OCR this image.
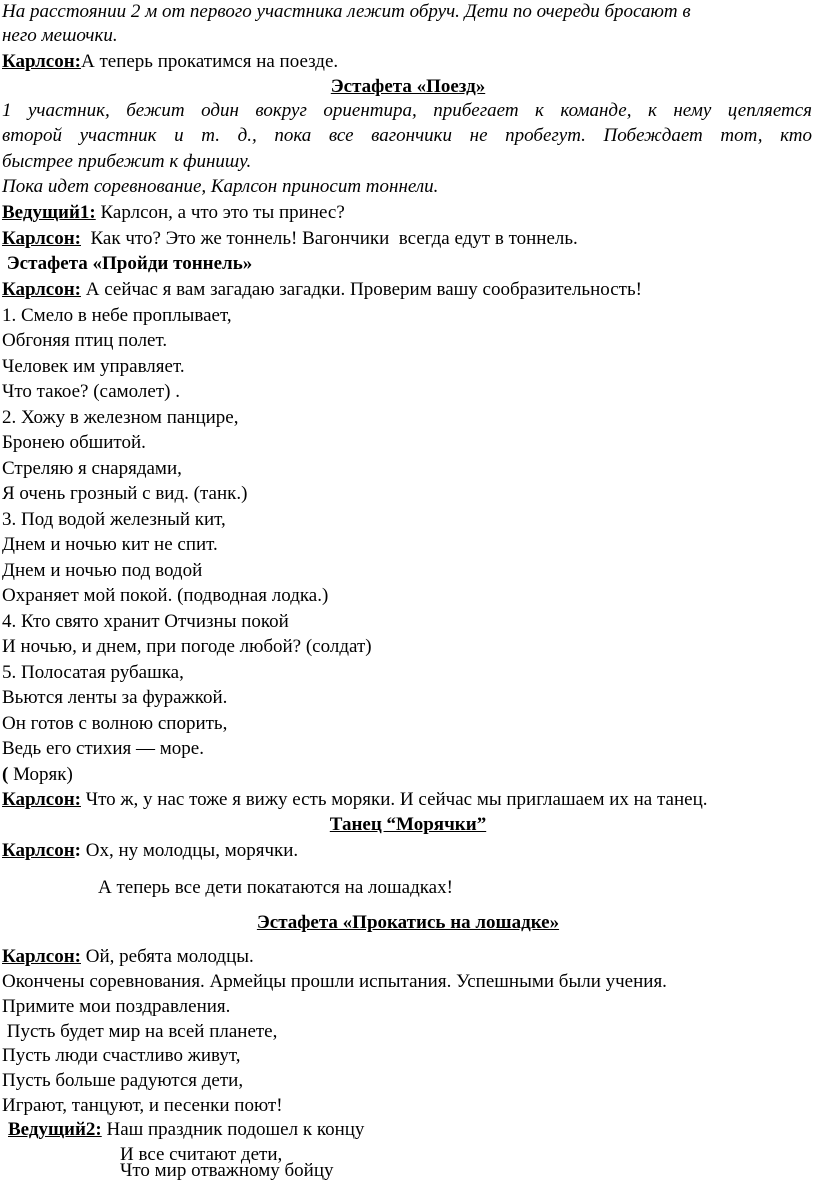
На расстоянии 2 м от первого участника лежит обруч. Дети по очереди бросают в
него мешочки.
Карлсон:А теперь прокатимся на поезде.
Эстафета «Поезд»
1 участник, бежит один вокруг ориентира, прибегает к команде, к нему цепляется
второй участник и т. д., пока все вагончики не пробегут. Побеждает тот, кто
быстрее прибежит к финишу.
Пока идет соревнование, Карлсон приносит тоннели.
Ведущий1: Карлсон, а что это ты принес?
Карлсон:  Как что? Это же тоннель! Вагончики  всегда едут в тоннель.
Эстафета «Пройди тоннель»
Карлсон: А сейчас я вам загадаю загадки. Проверим вашу сообразительность!
1. Смело в небе проплывает,
Обгоняя птиц полет.
Человек им управляет.
Что такое? (самолет) .
2. Хожу в железном панцире,
Бронею обшитой.
Стреляю я снарядами,
Я очень грозный с вид. (танк.)
3. Под водой железный кит,
Днем и ночью кит не спит.
Днем и ночью под водой
Охраняет мой покой. (подводная лодка.)
4. Кто свято хранит Отчизны покой
И ночью, и днем, при погоде любой? (солдат)
5. Полосатая рубашка,
Вьются ленты за фуражкой.
Он готов с волною спорить,
Ведь его стихия — море.
( Моряк)
Карлсон: Что ж, у нас тоже я вижу есть моряки. И сейчас мы приглашаем их на танец.
Танец “Морячки”
Карлсон: Ох, ну молодцы, морячки.
А теперь все дети покатаются на лошадках!
Эстафета «Прокатись на лошадке»
Карлсон: Ой, ребята молодцы.
Окончены соревнования. Армейцы прошли испытания. Успешными были учения.
Примите мои поздравления.
Пусть будет мир на всей планете,
Пусть люди счастливо живут,
Пусть больше радуются дети,
Играют, танцуют, и песенки поют!
Ведущий2: Наш праздник подошел к концу
И все считают дети,
Что мир отважному бойцу
